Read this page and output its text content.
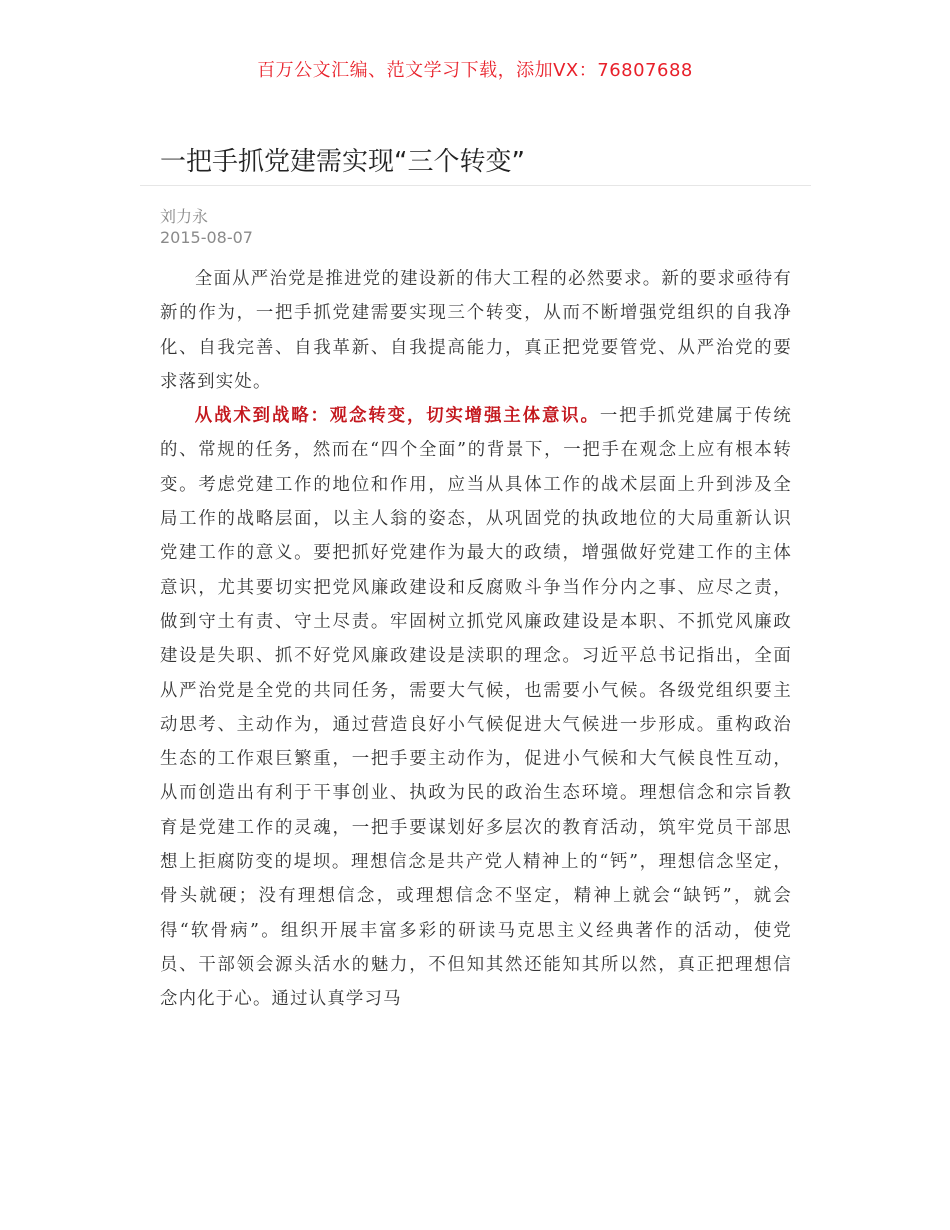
百万公文汇编、范文学习下载，添加VX：76807688
一把手抓党建需实现“三个转变”
刘力永
2015-08-07

全面从严治党是推进党的建设新的伟大工程的必然要求。新的要求亟待有新的作为，一把手抓党建需要实现三个转变，从而不断增强党组织的自我净化、自我完善、自我革新、自我提高能力，真正把党要管党、从严治党的要求落到实处。

从战术到战略：观念转变，切实增强主体意识。一把手抓党建属于传统的、常规的任务，然而在“四个全面”的背景下，一把手在观念上应有根本转变。考虑党建工作的地位和作用，应当从具体工作的战术层面上升到涉及全局工作的战略层面，以主人翁的姿态，从巩固党的执政地位的大局重新认识党建工作的意义。要把抓好党建作为最大的政绩，增强做好党建工作的主体意识，尤其要切实把党风廉政建设和反腐败斗争当作分内之事、应尽之责，做到守土有责、守土尽责。牢固树立抓党风廉政建设是本职、不抓党风廉政建设是失职、抓不好党风廉政建设是渎职的理念。习近平总书记指出，全面从严治党是全党的共同任务，需要大气候，也需要小气候。各级党组织要主动思考、主动作为，通过营造良好小气候促进大气候进一步形成。重构政治生态的工作艰巨繁重，一把手要主动作为，促进小气候和大气候良性互动，从而创造出有利于干事创业、执政为民的政治生态环境。理想信念和宗旨教育是党建工作的灵魂，一把手要谋划好多层次的教育活动，筑牢党员干部思想上拒腐防变的堤坝。理想信念是共产党人精神上的“钙”，理想信念坚定，骨头就硬；没有理想信念，或理想信念不坚定，精神上就会“缺钙”，就会得“软骨病”。组织开展丰富多彩的研读马克思主义经典著作的活动，使党员、干部领会源头活水的魅力，不但知其然还能知其所以然，真正把理想信念内化于心。通过认真学习马
